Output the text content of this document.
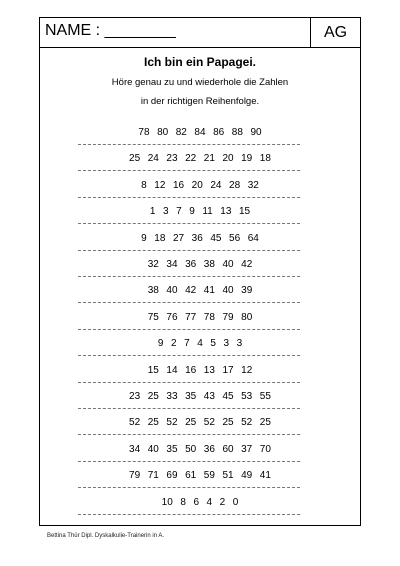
NAME : ________	AG
Ich bin ein Papagei.
Höre genau zu und wiederhole die Zahlen
in der richtigen Reihenfolge.
78  80  82  84  86  88  90
25  24  23  22  21  20  19  18
8  12  16  20  24  28  32
1  3  7  9  11  13  15
9  18  27  36  45  56  64
32  34  36  38  40  42
38  40  42  41  40  39
75  76  77  78  79  80
9  2  7  4  5  3  3
15  14  16  13  17  12
23  25  33  35  43  45  53  55
52  25  52  25  52  25  52  25
34  40  35  50  36  60  37  70
79  71  69  61  59  51  49  41
10  8  6  4  2  0
Bettina Thür Dipl. Dyskalkulie-Trainerin in A.
